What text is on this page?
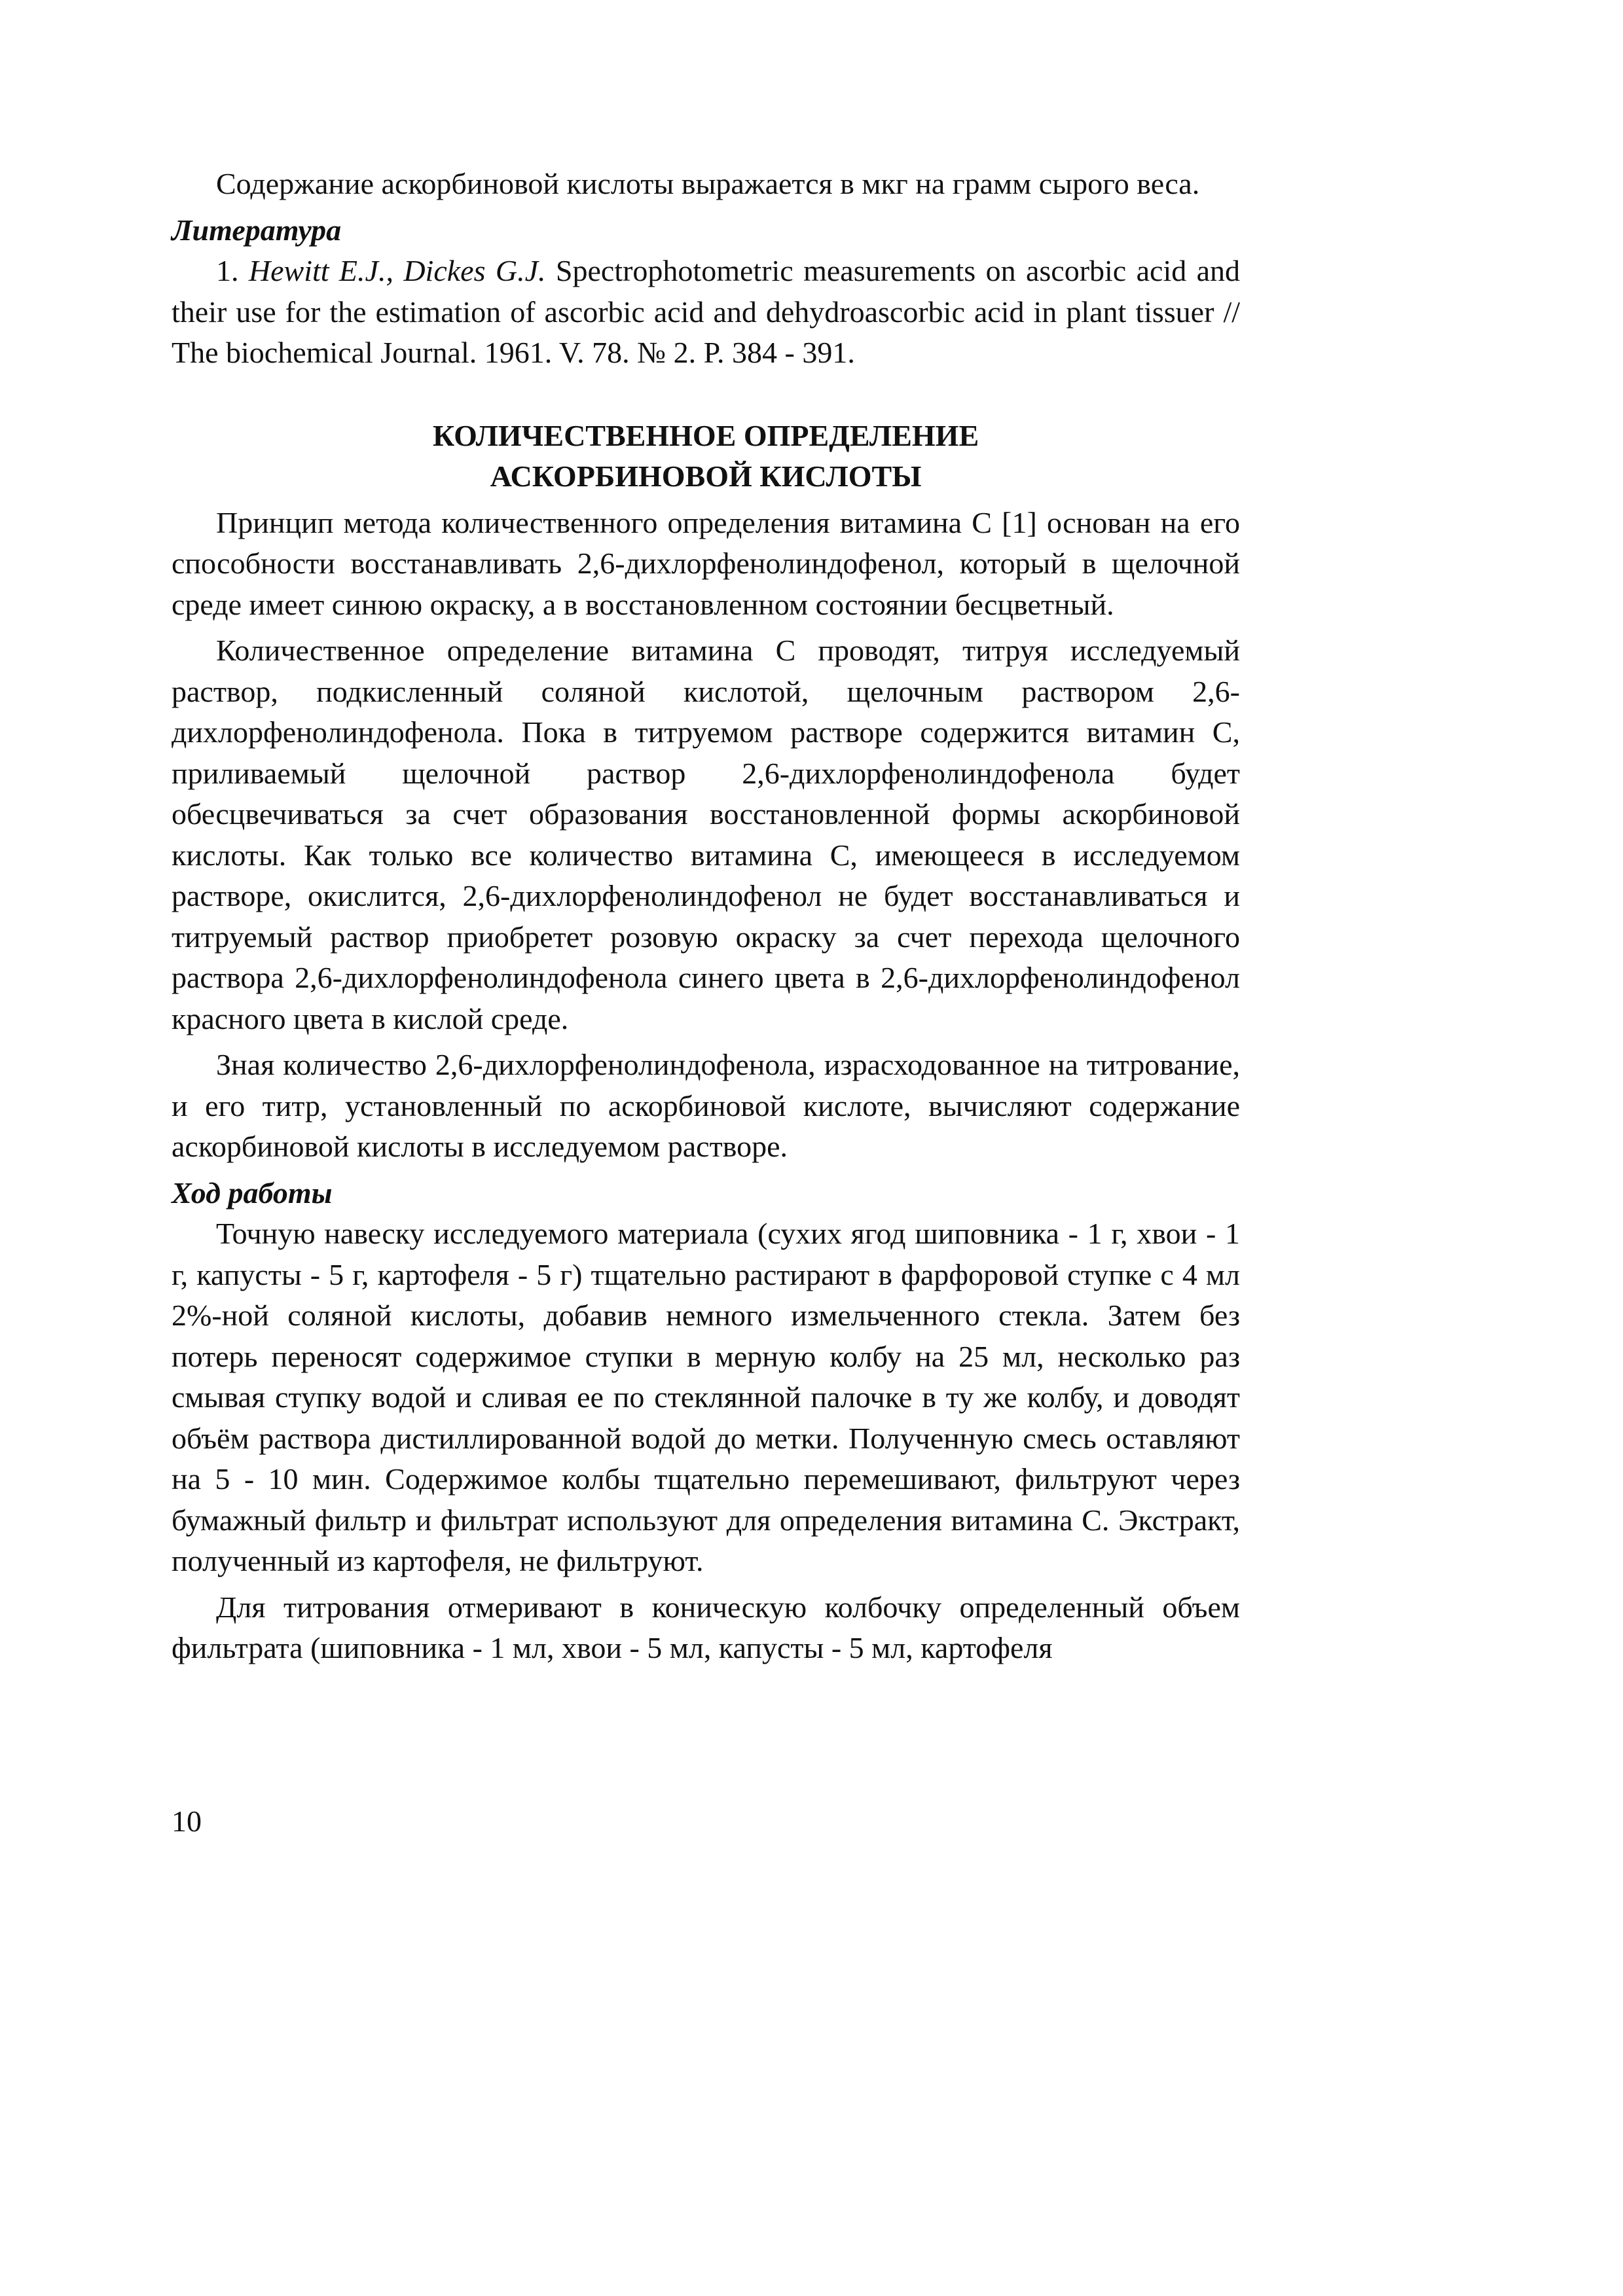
Содержание аскорбиновой кислоты выражается в мкг на грамм сырого веса.

Литература

1. Hewitt E.J., Dickes G.J. Spectrophotometric measurements on ascorbic acid and their use for the estimation of ascorbic acid and dehydroascorbic acid in plant tissuer // The biochemical Journal. 1961. V. 78. № 2. P. 384 - 391.

КОЛИЧЕСТВЕННОЕ ОПРЕДЕЛЕНИЕ
АСКОРБИНОВОЙ КИСЛОТЫ

Принцип метода количественного определения витамина С [1] основан на его способности восстанавливать 2,6-дихлорфенолиндофенол, который в щелочной среде имеет синюю окраску, а в восстановленном состоянии бесцветный.

Количественное определение витамина С проводят, титруя исследуемый раствор, подкисленный соляной кислотой, щелочным раствором 2,6-дихлорфенолиндофенола. Пока в титруемом растворе содержится витамин С, приливаемый щелочной раствор 2,6-дихлорфенолиндофенола будет обесцвечиваться за счет образования восстановленной формы аскорбиновой кислоты. Как только все количество витамина С, имеющееся в исследуемом растворе, окислится, 2,6-дихлорфенолиндофенол не будет восстанавливаться и титруемый раствор приобретет розовую окраску за счет перехода щелочного раствора 2,6-дихлорфенолиндофенола синего цвета в 2,6-дихлорфенолиндофенол красного цвета в кислой среде.

Зная количество 2,6-дихлорфенолиндофенола, израсходованное на титрование, и его титр, установленный по аскорбиновой кислоте, вычисляют содержание аскорбиновой кислоты в исследуемом растворе.

Ход работы

Точную навеску исследуемого материала (сухих ягод шиповника - 1 г, хвои - 1 г, капусты - 5 г, картофеля - 5 г) тщательно растирают в фарфоровой ступке с 4 мл 2%-ной соляной кислоты, добавив немного измельченного стекла. Затем без потерь переносят содержимое ступки в мерную колбу на 25 мл, несколько раз смывая ступку водой и сливая ее по стеклянной палочке в ту же колбу, и доводят объём раствора дистиллированной водой до метки. Полученную смесь оставляют на 5 - 10 мин. Содержимое колбы тщательно перемешивают, фильтруют через бумажный фильтр и фильтрат используют для определения витамина С. Экстракт, полученный из картофеля, не фильтруют.

Для титрования отмеривают в коническую колбочку определенный объем фильтрата (шиповника - 1 мл, хвои - 5 мл, капусты - 5 мл, картофеля

10
